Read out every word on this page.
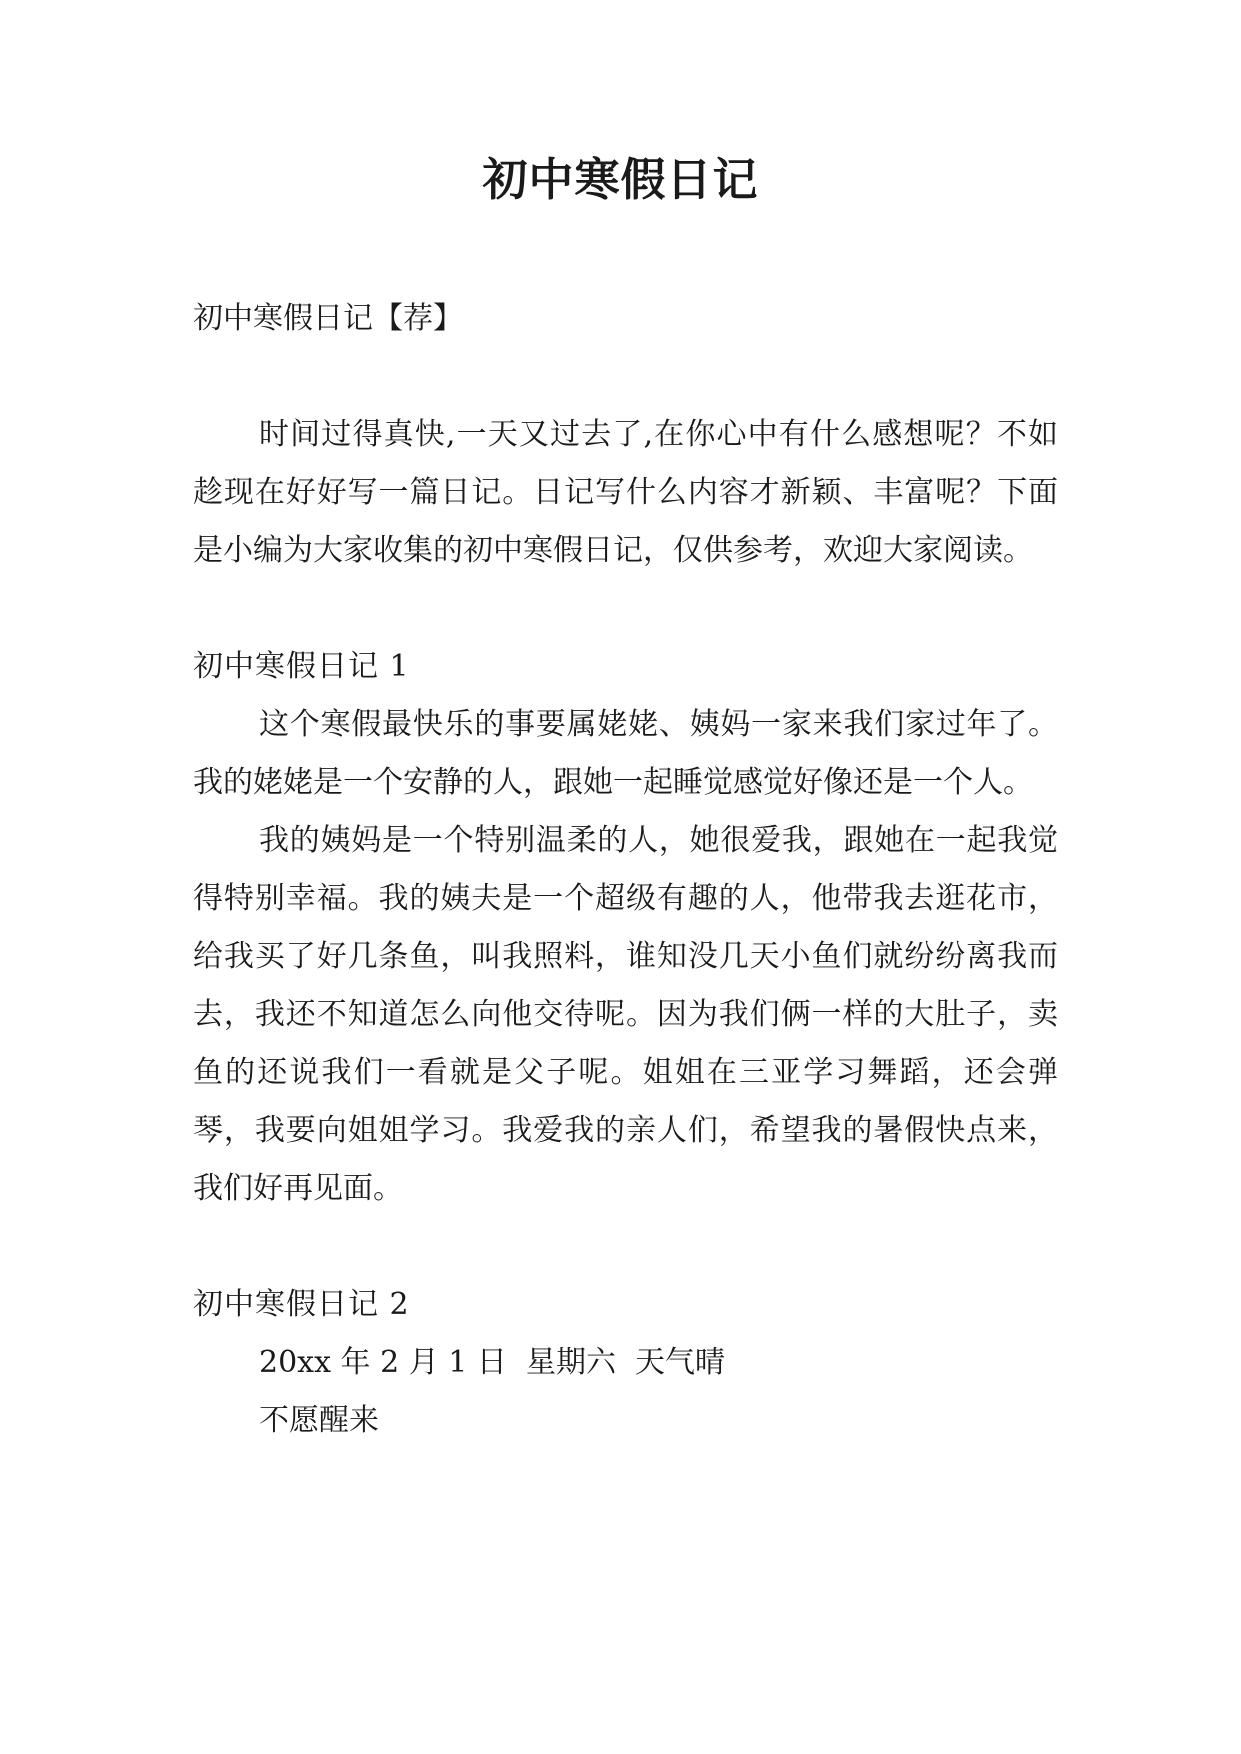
初中寒假日记

初中寒假日记【荐】

时间过得真快,一天又过去了,在你心中有什么感想呢？不如趁现在好好写一篇日记。日记写什么内容才新颖、丰富呢？下面是小编为大家收集的初中寒假日记，仅供参考，欢迎大家阅读。

初中寒假日记 1

这个寒假最快乐的事要属姥姥、姨妈一家来我们家过年了。我的姥姥是一个安静的人，跟她一起睡觉感觉好像还是一个人。

我的姨妈是一个特别温柔的人，她很爱我，跟她在一起我觉得特别幸福。我的姨夫是一个超级有趣的人，他带我去逛花市，给我买了好几条鱼，叫我照料，谁知没几天小鱼们就纷纷离我而去，我还不知道怎么向他交待呢。因为我们俩一样的大肚子，卖鱼的还说我们一看就是父子呢。姐姐在三亚学习舞蹈，还会弹琴，我要向姐姐学习。我爱我的亲人们，希望我的暑假快点来，我们好再见面。

初中寒假日记 2

20xx 年 2 月 1 日  星期六  天气晴

不愿醒来
